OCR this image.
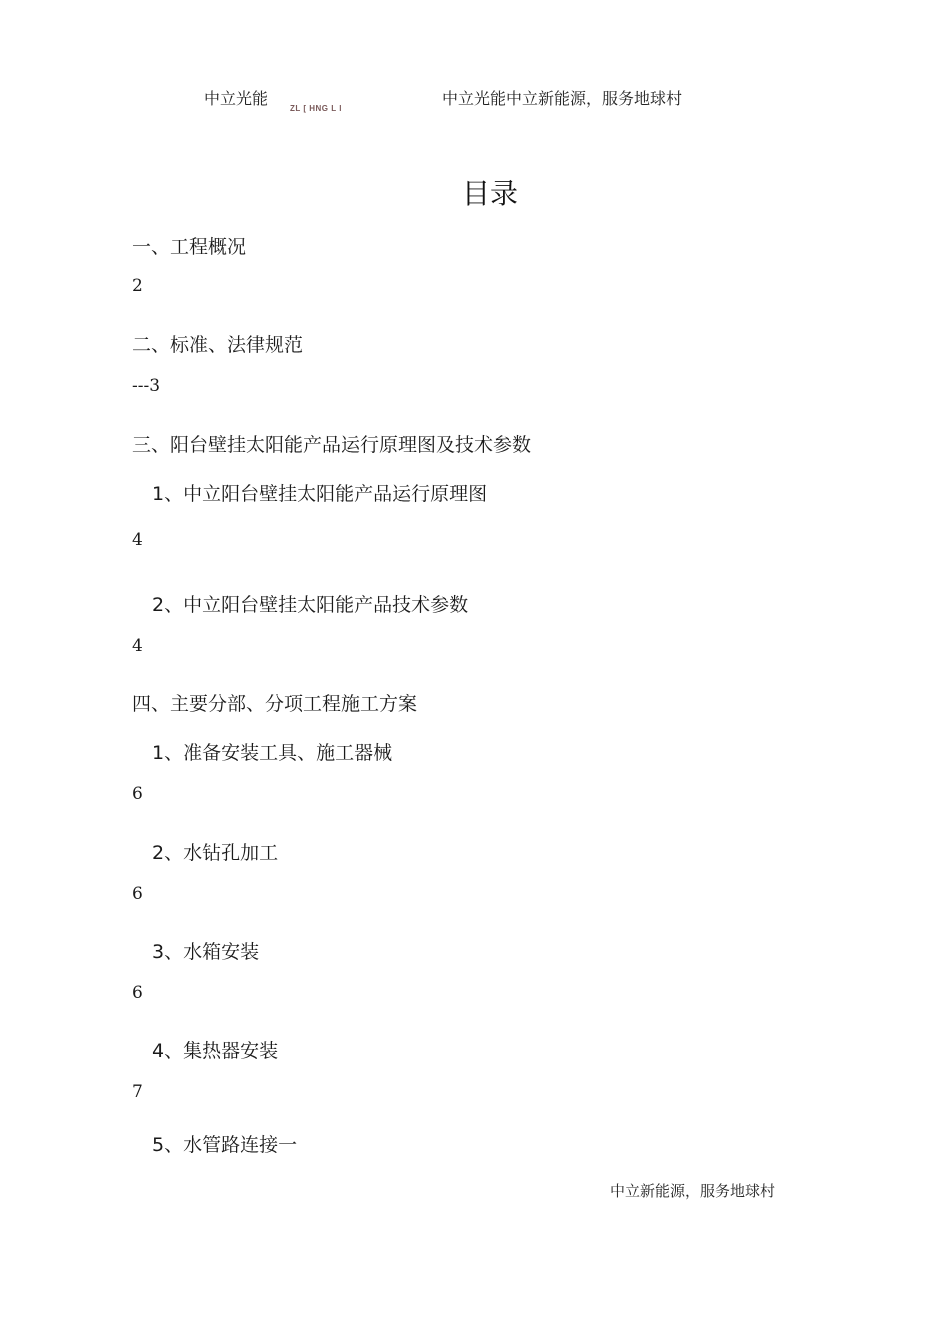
中立光能
ZL [ HNG L l
中立光能中立新能源，服务地球村
目录
一、工程概况
2
二、标准、法律规范
---3
三、阳台壁挂太阳能产品运行原理图及技术参数
1、中立阳台壁挂太阳能产品运行原理图
4
2、中立阳台壁挂太阳能产品技术参数
4
四、主要分部、分项工程施工方案
1、准备安装工具、施工器械
6
2、水钻孔加工
6
3、水箱安装
6
4、集热器安装
7
5、水管路连接一
中立新能源，服务地球村
